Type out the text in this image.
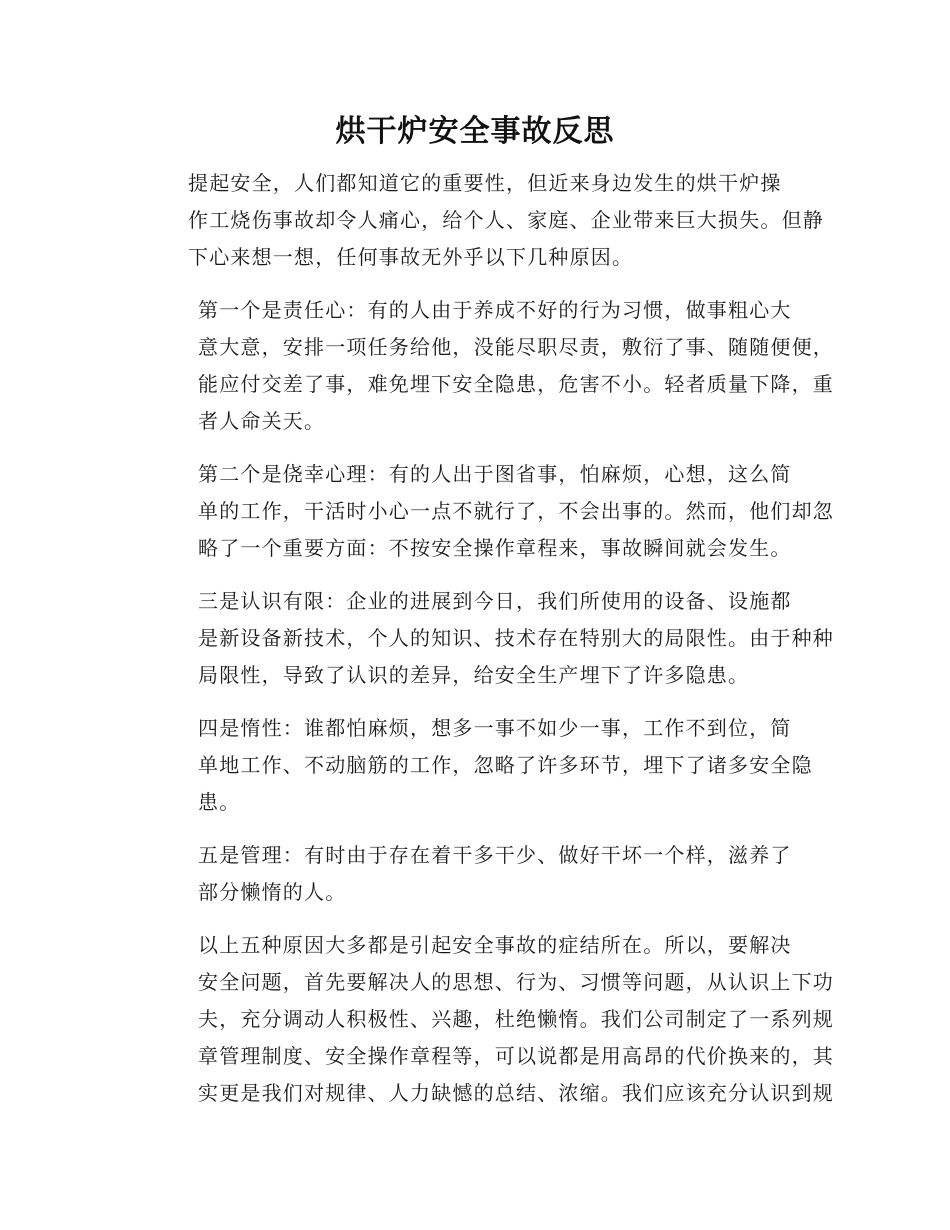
烘干炉安全事故反思

提起安全，人们都知道它的重要性，但近来身边发生的烘干炉操
作工烧伤事故却令人痛心，给个人、家庭、企业带来巨大损失。但静
下心来想一想，任何事故无外乎以下几种原因。

第一个是责任心：有的人由于养成不好的行为习惯，做事粗心大
意大意，安排一项任务给他，没能尽职尽责，敷衍了事、随随便便，
能应付交差了事，难免埋下安全隐患，危害不小。轻者质量下降，重
者人命关天。

第二个是侥幸心理：有的人出于图省事，怕麻烦，心想，这么简
单的工作，干活时小心一点不就行了，不会出事的。然而，他们却忽
略了一个重要方面：不按安全操作章程来，事故瞬间就会发生。

三是认识有限：企业的进展到今日，我们所使用的设备、设施都
是新设备新技术，个人的知识、技术存在特别大的局限性。由于种种
局限性，导致了认识的差异，给安全生产埋下了许多隐患。

四是惰性：谁都怕麻烦，想多一事不如少一事，工作不到位，简
单地工作、不动脑筋的工作，忽略了许多环节，埋下了诸多安全隐
患。

五是管理：有时由于存在着干多干少、做好干坏一个样，滋养了
部分懒惰的人。

以上五种原因大多都是引起安全事故的症结所在。所以，要解决
安全问题，首先要解决人的思想、行为、习惯等问题，从认识上下功
夫，充分调动人积极性、兴趣，杜绝懒惰。我们公司制定了一系列规
章管理制度、安全操作章程等，可以说都是用高昂的代价换来的，其
实更是我们对规律、人力缺憾的总结、浓缩。我们应该充分认识到规
